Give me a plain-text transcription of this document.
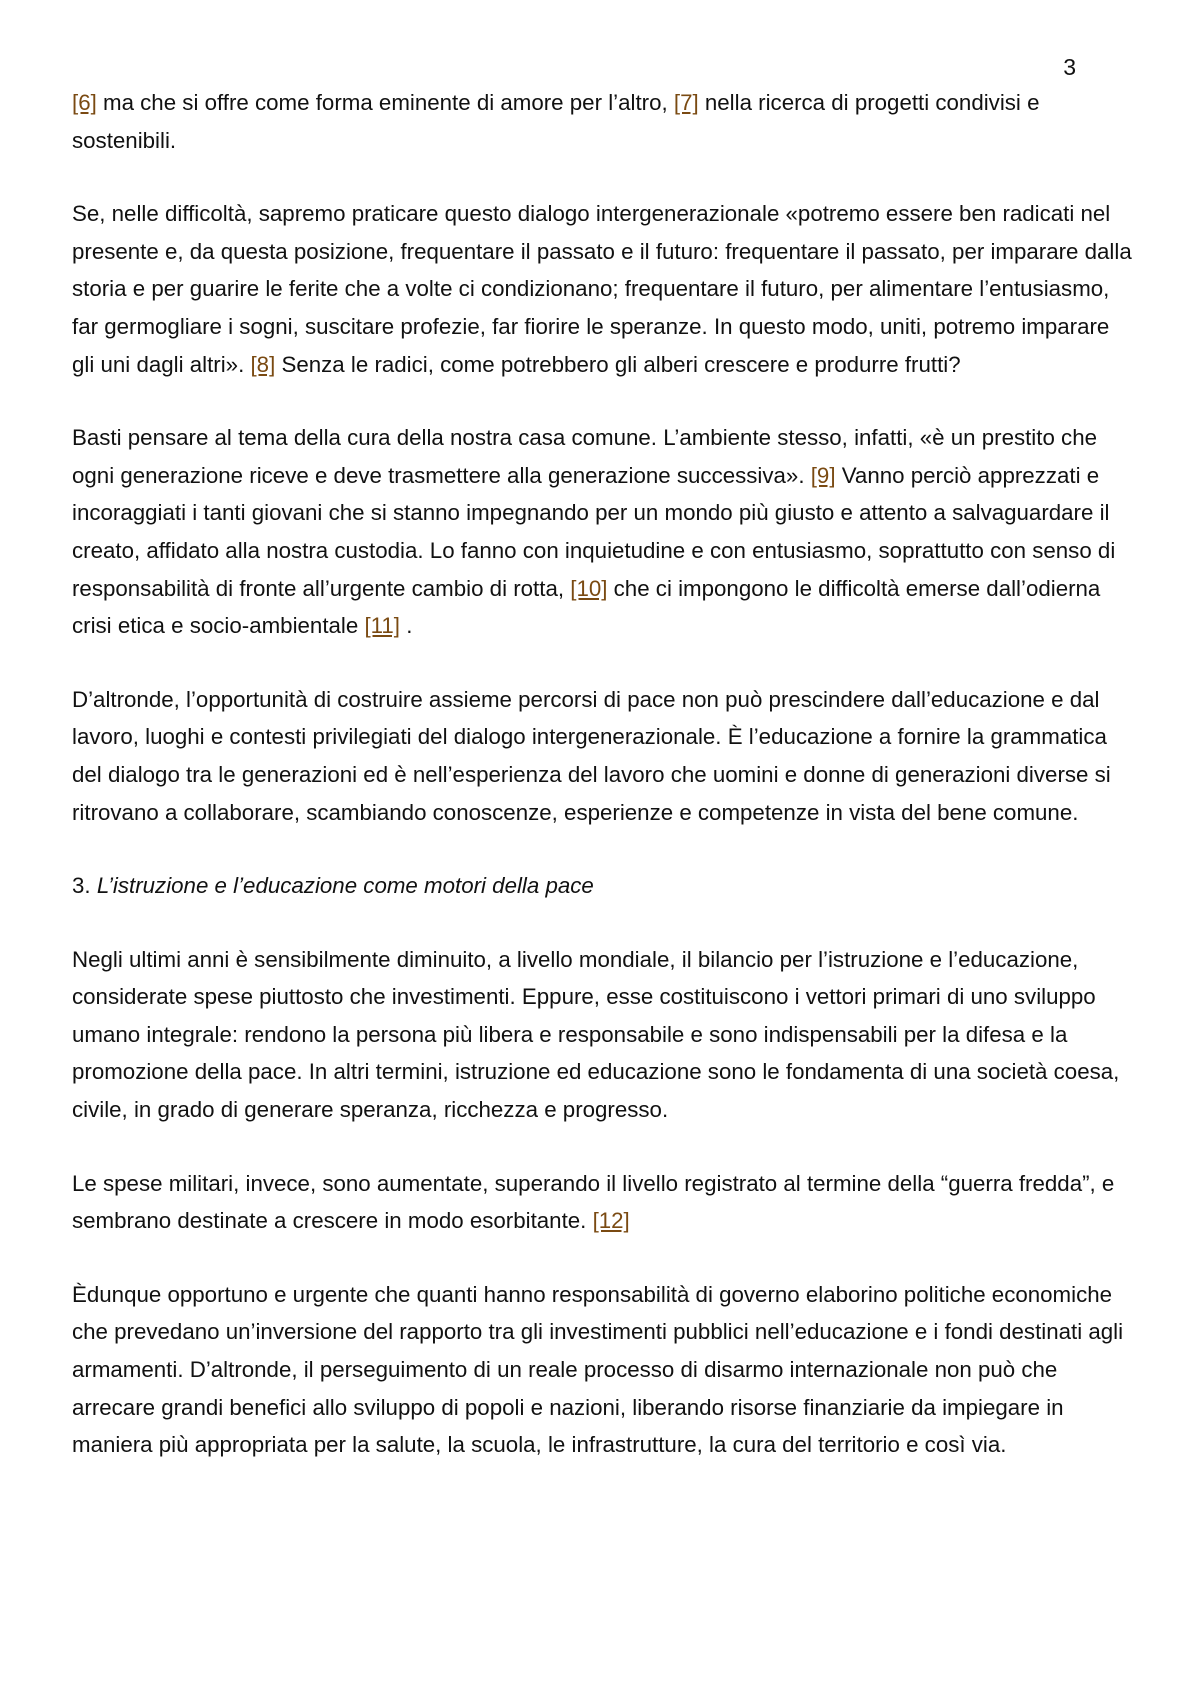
3

[6] ma che si offre come forma eminente di amore per l’altro, [7] nella ricerca di progetti condivisi e sostenibili.

Se, nelle difficoltà, sapremo praticare questo dialogo intergenerazionale «potremo essere ben radicati nel presente e, da questa posizione, frequentare il passato e il futuro: frequentare il passato, per imparare dalla storia e per guarire le ferite che a volte ci condizionano; frequentare il futuro, per alimentare l’entusiasmo, far germogliare i sogni, suscitare profezie, far fiorire le speranze. In questo modo, uniti, potremo imparare gli uni dagli altri». [8] Senza le radici, come potrebbero gli alberi crescere e produrre frutti?

Basti pensare al tema della cura della nostra casa comune. L’ambiente stesso, infatti, «è un prestito che ogni generazione riceve e deve trasmettere alla generazione successiva». [9] Vanno perciò apprezzati e incoraggiati i tanti giovani che si stanno impegnando per un mondo più giusto e attento a salvaguardare il creato, affidato alla nostra custodia. Lo fanno con inquietudine e con entusiasmo, soprattutto con senso di responsabilità di fronte all’urgente cambio di rotta, [10] che ci impongono le difficoltà emerse dall’odierna crisi etica e socio-ambientale [11] .

D’altronde, l’opportunità di costruire assieme percorsi di pace non può prescindere dall’educazione e dal lavoro, luoghi e contesti privilegiati del dialogo intergenerazionale. È l’educazione a fornire la grammatica del dialogo tra le generazioni ed è nell’esperienza del lavoro che uomini e donne di generazioni diverse si ritrovano a collaborare, scambiando conoscenze, esperienze e competenze in vista del bene comune.

3. L’istruzione e l’educazione come motori della pace

Negli ultimi anni è sensibilmente diminuito, a livello mondiale, il bilancio per l’istruzione e l’educazione, considerate spese piuttosto che investimenti. Eppure, esse costituiscono i vettori primari di uno sviluppo umano integrale: rendono la persona più libera e responsabile e sono indispensabili per la difesa e la promozione della pace. In altri termini, istruzione ed educazione sono le fondamenta di una società coesa, civile, in grado di generare speranza, ricchezza e progresso.

Le spese militari, invece, sono aumentate, superando il livello registrato al termine della “guerra fredda”, e sembrano destinate a crescere in modo esorbitante. [12]

Èdunque opportuno e urgente che quanti hanno responsabilità di governo elaborino politiche economiche che prevedano un’inversione del rapporto tra gli investimenti pubblici nell’educazione e i fondi destinati agli armamenti. D’altronde, il perseguimento di un reale processo di disarmo internazionale non può che arrecare grandi benefici allo sviluppo di popoli e nazioni, liberando risorse finanziarie da impiegare in maniera più appropriata per la salute, la scuola, le infrastrutture, la cura del territorio e così via.
